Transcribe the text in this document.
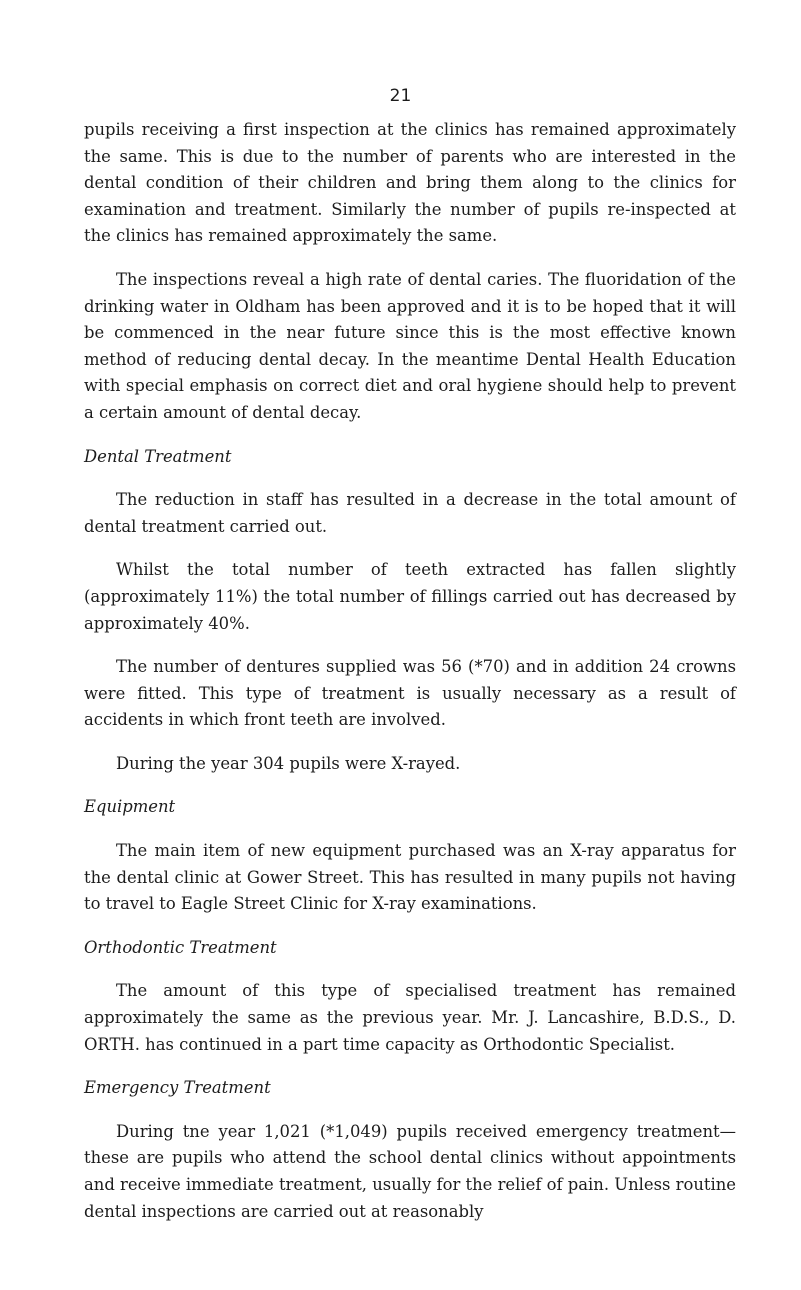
21

pupils receiving a first inspection at the clinics has remained approximately the same. This is due to the number of parents who are interested in the dental condition of their children and bring them along to the clinics for examination and treatment. Similarly the number of pupils re-inspected at the clinics has remained approximately the same.

The inspections reveal a high rate of dental caries. The fluoridation of the drinking water in Oldham has been approved and it is to be hoped that it will be commenced in the near future since this is the most effective known method of reducing dental decay. In the meantime Dental Health Education with special emphasis on correct diet and oral hygiene should help to prevent a certain amount of dental decay.

Dental Treatment

The reduction in staff has resulted in a decrease in the total amount of dental treatment carried out.

Whilst the total number of teeth extracted has fallen slightly (approximately 11%) the total number of fillings carried out has decreased by approximately 40%.

The number of dentures supplied was 56 (*70) and in addition 24 crowns were fitted. This type of treatment is usually necessary as a result of accidents in which front teeth are involved.

During the year 304 pupils were X-rayed.

Equipment

The main item of new equipment purchased was an X-ray apparatus for the dental clinic at Gower Street. This has resulted in many pupils not having to travel to Eagle Street Clinic for X-ray examinations.

Orthodontic Treatment

The amount of this type of specialised treatment has remained approximately the same as the previous year. Mr. J. Lancashire, B.D.S., D. ORTH. has continued in a part time capacity as Orthodontic Specialist.

Emergency Treatment

During tne year 1,021 (*1,049) pupils received emergency treatment—these are pupils who attend the school dental clinics without appointments and receive immediate treatment, usually for the relief of pain. Unless routine dental inspections are carried out at reasonably
